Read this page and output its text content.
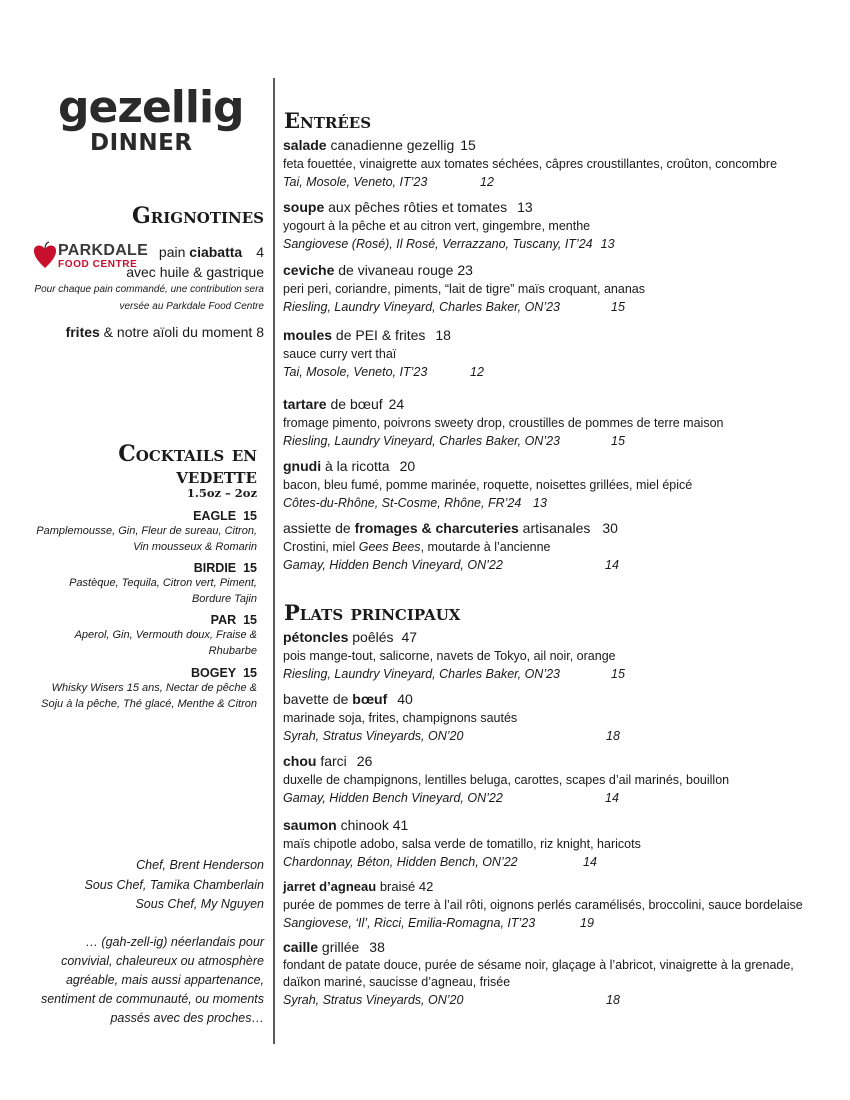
gezellig
DINNER
Grignotines
PARKDALE
FOOD CENTRE
pain ciabatta 4
avec huile & gastrique
Pour chaque pain commandé, une contribution sera
versée au Parkdale Food Centre
frites & notre aïoli du moment 8
Cocktails en
vedette
1.5oz – 2oz
EAGLE 15
Pamplemousse, Gin, Fleur de sureau, Citron,
Vin mousseux & Romarin
BIRDIE 15
Pastèque, Tequila, Citron vert, Piment,
Bordure Tajin
PAR 15
Aperol, Gin, Vermouth doux, Fraise &
Rhubarbe
BOGEY 15
Whisky Wisers 15 ans, Nectar de pêche &
Soju à la pêche, Thé glacé, Menthe & Citron
Chef, Brent Henderson
Sous Chef, Tamika Chamberlain
Sous Chef, My Nguyen
… (gah-zell-ig) néerlandais pour
convivial, chaleureux ou atmosphère
agréable, mais aussi appartenance,
sentiment de communauté, ou moments
passés avec des proches…
Entrées
salade canadienne gezellig 15
feta fouettée, vinaigrette aux tomates séchées, câpres croustillantes, croûton, concombre
Tai, Mosole, Veneto, IT’23	12
soupe aux pêches rôties et tomates 13
yogourt à la pêche et au citron vert, gingembre, menthe
Sangiovese (Rosé), Il Rosé, Verrazzano, Tuscany, IT’24 13
ceviche de vivaneau rouge 23
peri peri, coriandre, piments, “lait de tigre” maïs croquant, ananas
Riesling, Laundry Vineyard, Charles Baker, ON’23	15
moules de PEI & frites 18
sauce curry vert thaï
Tai, Mosole, Veneto, IT’23	12
tartare de bœuf 24
fromage pimento, poivrons sweety drop, croustilles de pommes de terre maison
Riesling, Laundry Vineyard, Charles Baker, ON’23	15
gnudi à la ricotta 20
bacon, bleu fumé, pomme marinée, roquette, noisettes grillées, miel épicé
Côtes-du-Rhône, St-Cosme, Rhône, FR’24 13
assiette de fromages & charcuteries artisanales 30
Crostini, miel Gees Bees, moutarde à l’ancienne
Gamay, Hidden Bench Vineyard, ON’22	14
Plats principaux
pétoncles poêlés 47
pois mange-tout, salicorne, navets de Tokyo, ail noir, orange
Riesling, Laundry Vineyard, Charles Baker, ON’23	15
bavette de bœuf 40
marinade soja, frites, champignons sautés
Syrah, Stratus Vineyards, ON’20	18
chou farci 26
duxelle de champignons, lentilles beluga, carottes, scapes d’ail marinés, bouillon
Gamay, Hidden Bench Vineyard, ON’22	14
saumon chinook 41
maïs chipotle adobo, salsa verde de tomatillo, riz knight, haricots
Chardonnay, Béton, Hidden Bench, ON’22	14
jarret d’agneau braisé 42
purée de pommes de terre à l’ail rôti, oignons perlés caramélisés, broccolini, sauce bordelaise
Sangiovese, ‘Il’, Ricci, Emilia-Romagna, IT’23	19
caille grillée 38
fondant de patate douce, purée de sésame noir, glaçage à l’abricot, vinaigrette à la grenade,
daïkon mariné, saucisse d’agneau, frisée
Syrah, Stratus Vineyards, ON’20	18
